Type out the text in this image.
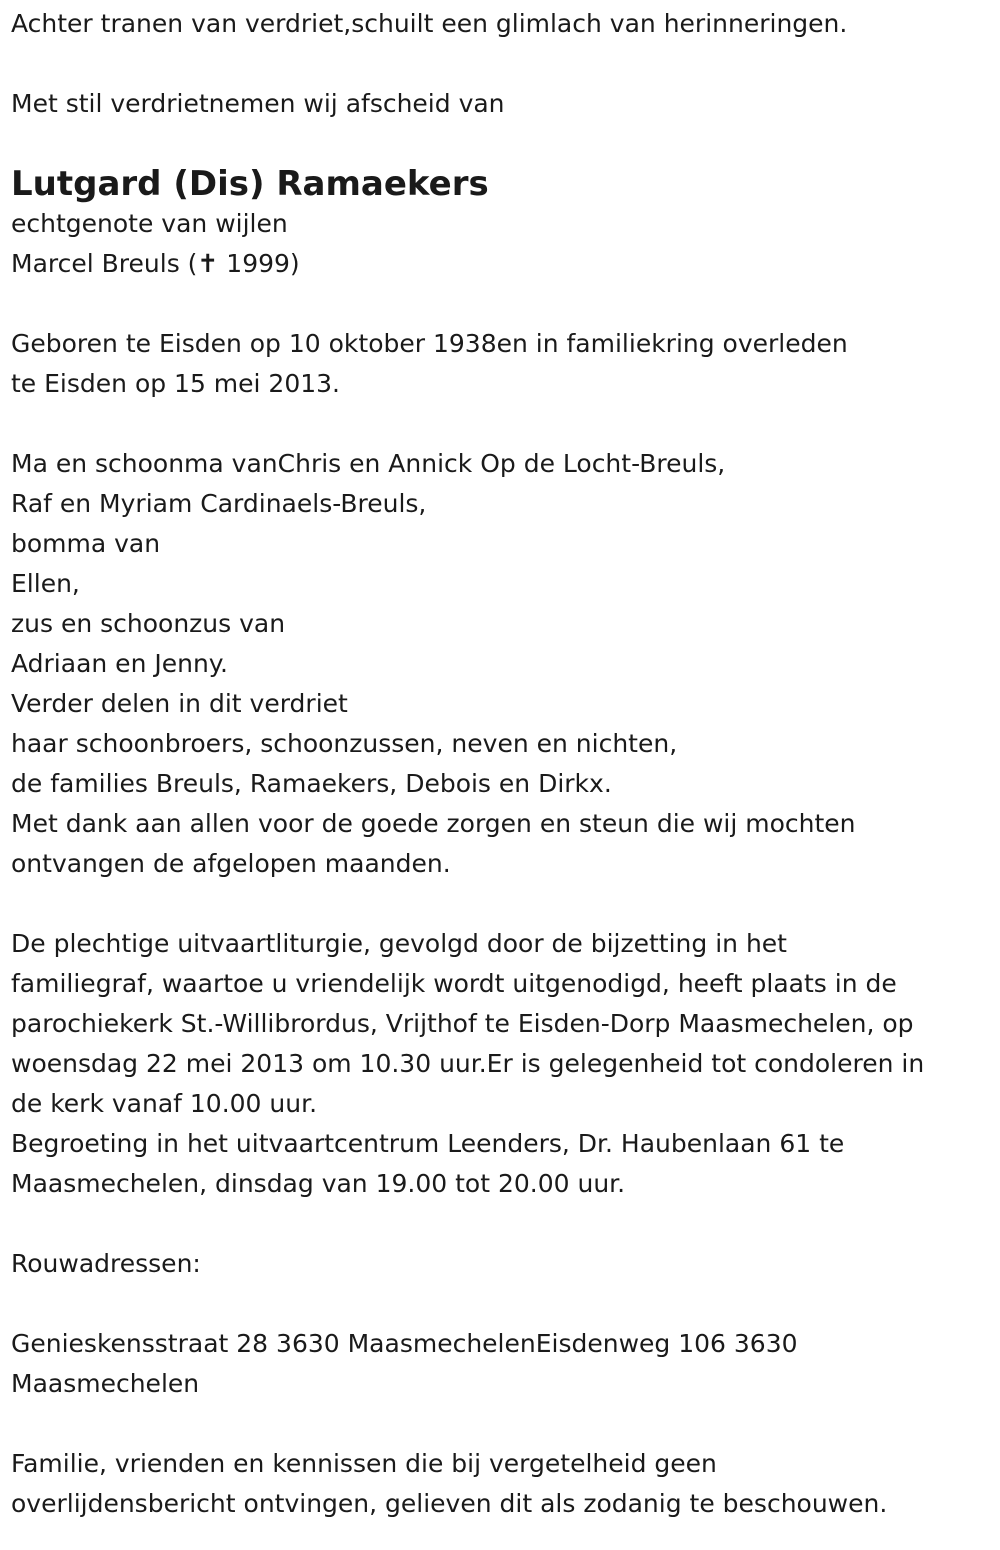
Achter tranen van verdriet,schuilt een glimlach van herinneringen.
Met stil verdrietnemen wij afscheid van
Lutgard (Dis) Ramaekers
echtgenote van wijlen
Marcel Breuls (✝ 1999)
Geboren te Eisden op 10 oktober 1938en in familiekring overleden
te Eisden op 15 mei 2013.
Ma en schoonma vanChris en Annick Op de Locht-Breuls,
Raf en Myriam Cardinaels-Breuls,
bomma van
Ellen,
zus en schoonzus van
Adriaan en Jenny.
Verder delen in dit verdriet
haar schoonbroers, schoonzussen, neven en nichten,
de families Breuls, Ramaekers, Debois en Dirkx.
Met dank aan allen voor de goede zorgen en steun die wij mochten
ontvangen de afgelopen maanden.
De plechtige uitvaartliturgie, gevolgd door de bijzetting in het
familiegraf, waartoe u vriendelijk wordt uitgenodigd, heeft plaats in de
parochiekerk St.-Willibrordus, Vrijthof te Eisden-Dorp Maasmechelen, op
woensdag 22 mei 2013 om 10.30 uur.Er is gelegenheid tot condoleren in
de kerk vanaf 10.00 uur.
Begroeting in het uitvaartcentrum Leenders, Dr. Haubenlaan 61 te
Maasmechelen, dinsdag van 19.00 tot 20.00 uur.
Rouwadressen:
Genieskensstraat 28 3630 MaasmechelenEisdenweg 106 3630
Maasmechelen
Familie, vrienden en kennissen die bij vergetelheid geen
overlijdensbericht ontvingen, gelieven dit als zodanig te beschouwen.
